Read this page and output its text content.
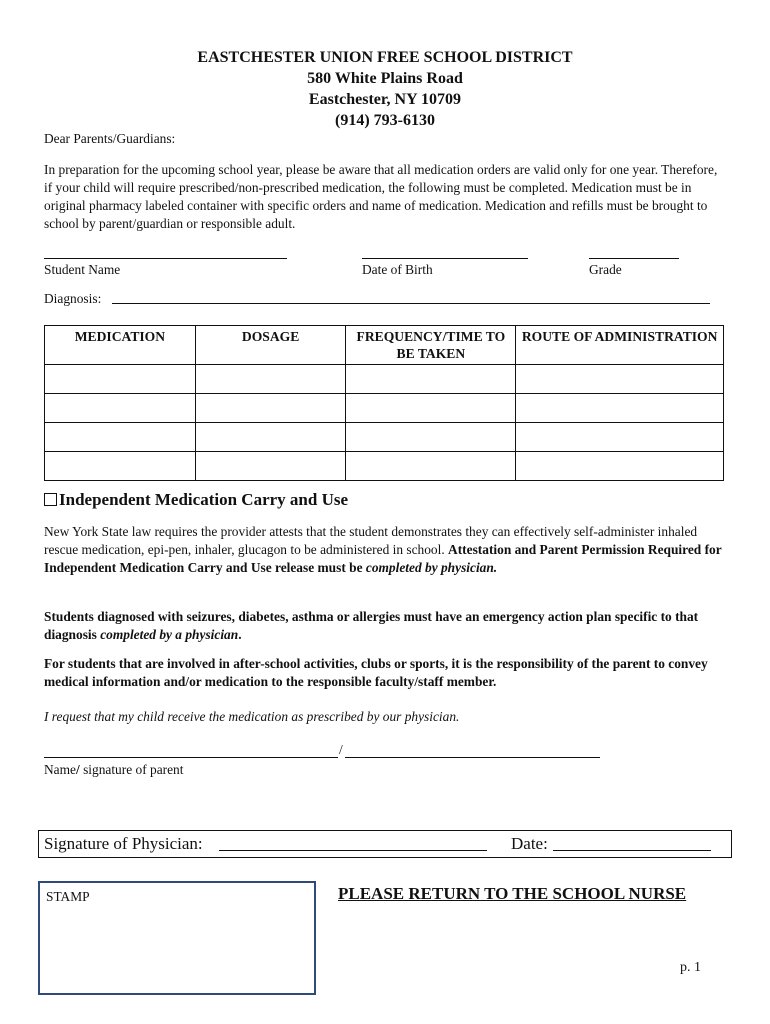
EASTCHESTER UNION FREE SCHOOL DISTRICT
580 White Plains Road
Eastchester, NY 10709
(914) 793-6130
Dear Parents/Guardians:
In preparation for the upcoming school year, please be aware that all medication orders are valid only for one year. Therefore, if your child will require prescribed/non-prescribed medication, the following must be completed. Medication must be in original pharmacy labeled container with specific orders and name of medication. Medication and refills must be brought to school by parent/guardian or responsible adult.
Student Name	Date of Birth	Grade
Diagnosis:
MEDICATION	DOSAGE	FREQUENCY/TIME TO BE TAKEN	ROUTE OF ADMINISTRATION

Independent Medication Carry and Use
New York State law requires the provider attests that the student demonstrates they can effectively self-administer inhaled rescue medication, epi-pen, inhaler, glucagon to be administered in school. Attestation and Parent Permission Required for Independent Medication Carry and Use release must be completed by physician.
Students diagnosed with seizures, diabetes, asthma or allergies must have an emergency action plan specific to that diagnosis completed by a physician.
For students that are involved in after-school activities, clubs or sports, it is the responsibility of the parent to convey medical information and/or medication to the responsible faculty/staff member.
I request that my child receive the medication as prescribed by our physician.
/
Name/ signature of parent
Signature of Physician:	Date:
STAMP	PLEASE RETURN TO THE SCHOOL NURSE
p. 1
